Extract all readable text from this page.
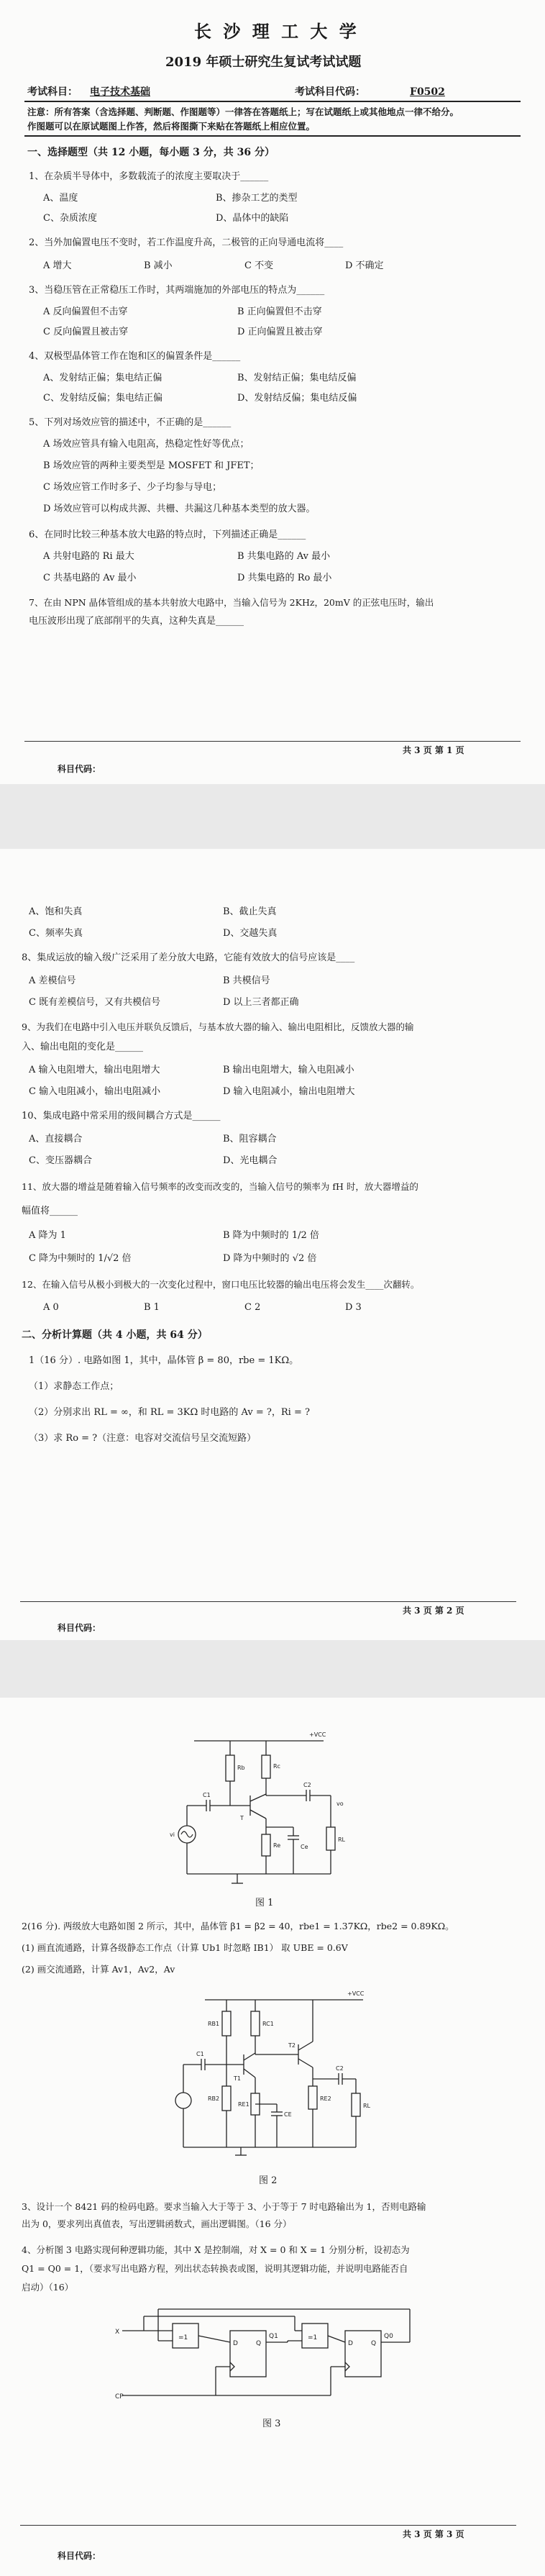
长 沙 理 工 大 学
2019 年硕士研究生复试考试试题
考试科目： 电子技术基础	考试科目代码：	F0502
注意：所有答案（含选择题、判断题、作图题等）一律答在答题纸上；写在试题纸上或其他地点一律不给分。
作图题可以在原试题图上作答，然后将图撕下来贴在答题纸上相应位置。
一、选择题型（共 12 小题，每小题 3 分，共 36 分）
1、在杂质半导体中，多数载流子的浓度主要取决于______
A、温度	B、掺杂工艺的类型
C、杂质浓度	D、晶体中的缺陷
2、当外加偏置电压不变时，若工作温度升高，二极管的正向导通电流将____
A 增大	B 减小	C 不变	D 不确定
3、当稳压管在正常稳压工作时，其两端施加的外部电压的特点为______
A 反向偏置但不击穿	B 正向偏置但不击穿
C 反向偏置且被击穿	D 正向偏置且被击穿
4、双极型晶体管工作在饱和区的偏置条件是______
A、发射结正偏；集电结正偏	B、发射结正偏；集电结反偏
C、发射结反偏；集电结正偏	D、发射结反偏；集电结反偏
5、下列对场效应管的描述中，不正确的是______
A 场效应管具有输入电阻高，热稳定性好等优点；
B 场效应管的两种主要类型是 MOSFET 和 JFET；
C 场效应管工作时多子、少子均参与导电；
D 场效应管可以构成共源、共栅、共漏这几种基本类型的放大器。
6、在同时比较三种基本放大电路的特点时，下列描述正确是______
A 共射电路的 Ri 最大	B 共集电路的 Av 最小
C 共基电路的 Av 最小	D 共集电路的 Ro 最小
7、在由 NPN 晶体管组成的基本共射放大电路中，当输入信号为 2KHz，20mV 的正弦电压时，输出
电压波形出现了底部削平的失真，这种失真是______
共 3 页 第 1 页
科目代码：
A、饱和失真	B、截止失真
C、频率失真	D、交越失真
8、集成运放的输入级广泛采用了差分放大电路，它能有效放大的信号应该是____
A 差模信号	B 共模信号
C 既有差模信号，又有共模信号	D 以上三者都正确
9、为我们在电路中引入电压并联负反馈后，与基本放大器的输入、输出电阻相比，反馈放大器的输
入、输出电阻的变化是______
A 输入电阻增大，输出电阻增大	B 输出电阻增大，输入电阻减小
C 输入电阻减小，输出电阻减小	D 输入电阻减小，输出电阻增大
10、集成电路中常采用的级间耦合方式是______
A、直接耦合	B、阻容耦合
C、变压器耦合	D、光电耦合
11、放大器的增益是随着输入信号频率的改变而改变的，当输入信号的频率为 fH 时，放大器增益的
幅值将______
A 降为 1	B 降为中频时的 1/2 倍
C 降为中频时的 1/√2 倍	D 降为中频时的 √2 倍
12、在输入信号从极小到极大的一次变化过程中，窗口电压比较器的输出电压将会发生____次翻转。
A 0	B 1	C 2	D 3
二、分析计算题（共 4 小题，共 64 分）
1（16 分）. 电路如图 1，其中，晶体管 β = 80，rbe = 1KΩ。
（1）求静态工作点；
（2）分别求出 RL = ∞，和 RL = 3KΩ 时电路的 Av = ?，Ri = ?
（3）求 Ro = ?（注意：电容对交流信号呈交流短路）
共 3 页 第 2 页
科目代码：
+VCC
Rb	Rc
C1
C2
Re
RL
Ce
vi
vo
T
图 1
2(16 分). 两级放大电路如图 2 所示，其中，晶体管 β1 = β2 = 40，rbe1 = 1.37KΩ，rbe2 = 0.89KΩ。
(1) 画直流通路，计算各级静态工作点（计算 Ub1 时忽略 IB1） 取 UBE = 0.6V
(2) 画交流通路，计算 Av1，Av2，Av
+VCC
RB1	RC1
RB2
RE1
RE2
C1
C2
CE
RL
T1
T2
图 2
3、设计一个 8421 码的检码电路。要求当输入大于等于 3、小于等于 7 时电路输出为 1，否则电路输
出为 0，要求列出真值表，写出逻辑函数式，画出逻辑图。（16 分）
4、分析图 3 电路实现何种逻辑功能，其中 X 是控制端，对 X = 0 和 X = 1 分别分析，设初态为
Q1 = Q0 = 1，（要求写出电路方程，列出状态转换表或图，说明其逻辑功能，并说明电路能否自
启动）（16）
X
CP
=1	=1
D	Q	D	Q
Q1	Q0
图 3
共 3 页 第 3 页
科目代码：
